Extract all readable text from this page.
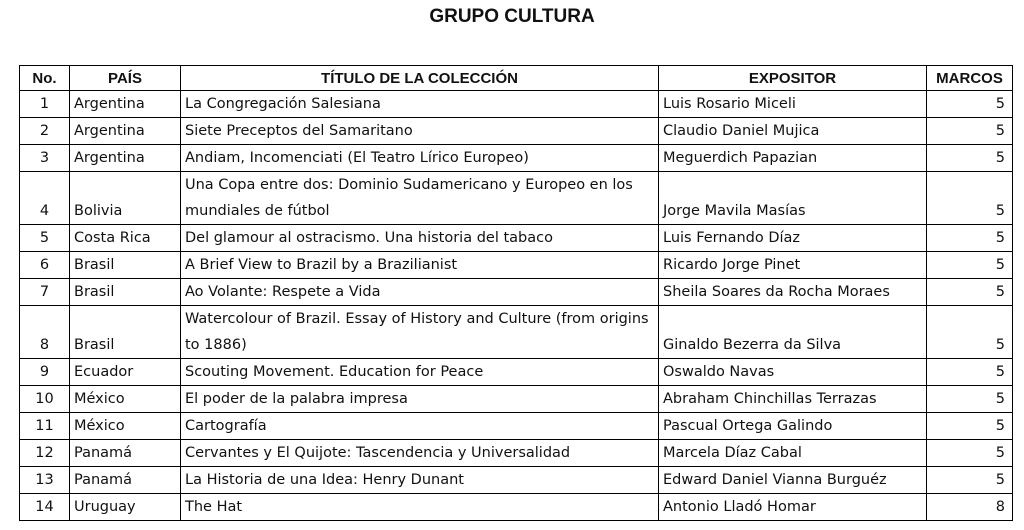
GRUPO CULTURA
No.	PAÍS	TÍTULO DE LA COLECCIÓN	EXPOSITOR	MARCOS
1	Argentina	La Congregación Salesiana	Luis Rosario Miceli	5
2	Argentina	Siete Preceptos del Samaritano	Claudio Daniel Mujica	5
3	Argentina	Andiam, Incomenciati (El Teatro Lírico Europeo)	Meguerdich Papazian	5
4	Bolivia	Una Copa entre dos: Dominio Sudamericano y Europeo en los mundiales de fútbol	Jorge Mavila Masías	5
5	Costa Rica	Del glamour al ostracismo. Una historia del tabaco	Luis Fernando Díaz	5
6	Brasil	A Brief View to Brazil by a Brazilianist	Ricardo Jorge Pinet	5
7	Brasil	Ao Volante: Respete a Vida	Sheila Soares da Rocha Moraes	5
8	Brasil	Watercolour of Brazil. Essay of History and Culture (from origins to 1886)	Ginaldo Bezerra da Silva	5
9	Ecuador	Scouting Movement. Education for Peace	Oswaldo Navas	5
10	México	El poder de la palabra impresa	Abraham Chinchillas Terrazas	5
11	México	Cartografía	Pascual Ortega Galindo	5
12	Panamá	Cervantes y El Quijote: Tascendencia y Universalidad	Marcela Díaz Cabal	5
13	Panamá	La Historia de una Idea: Henry Dunant	Edward Daniel Vianna Burguéz	5
14	Uruguay	The Hat	Antonio Lladó Homar	8
